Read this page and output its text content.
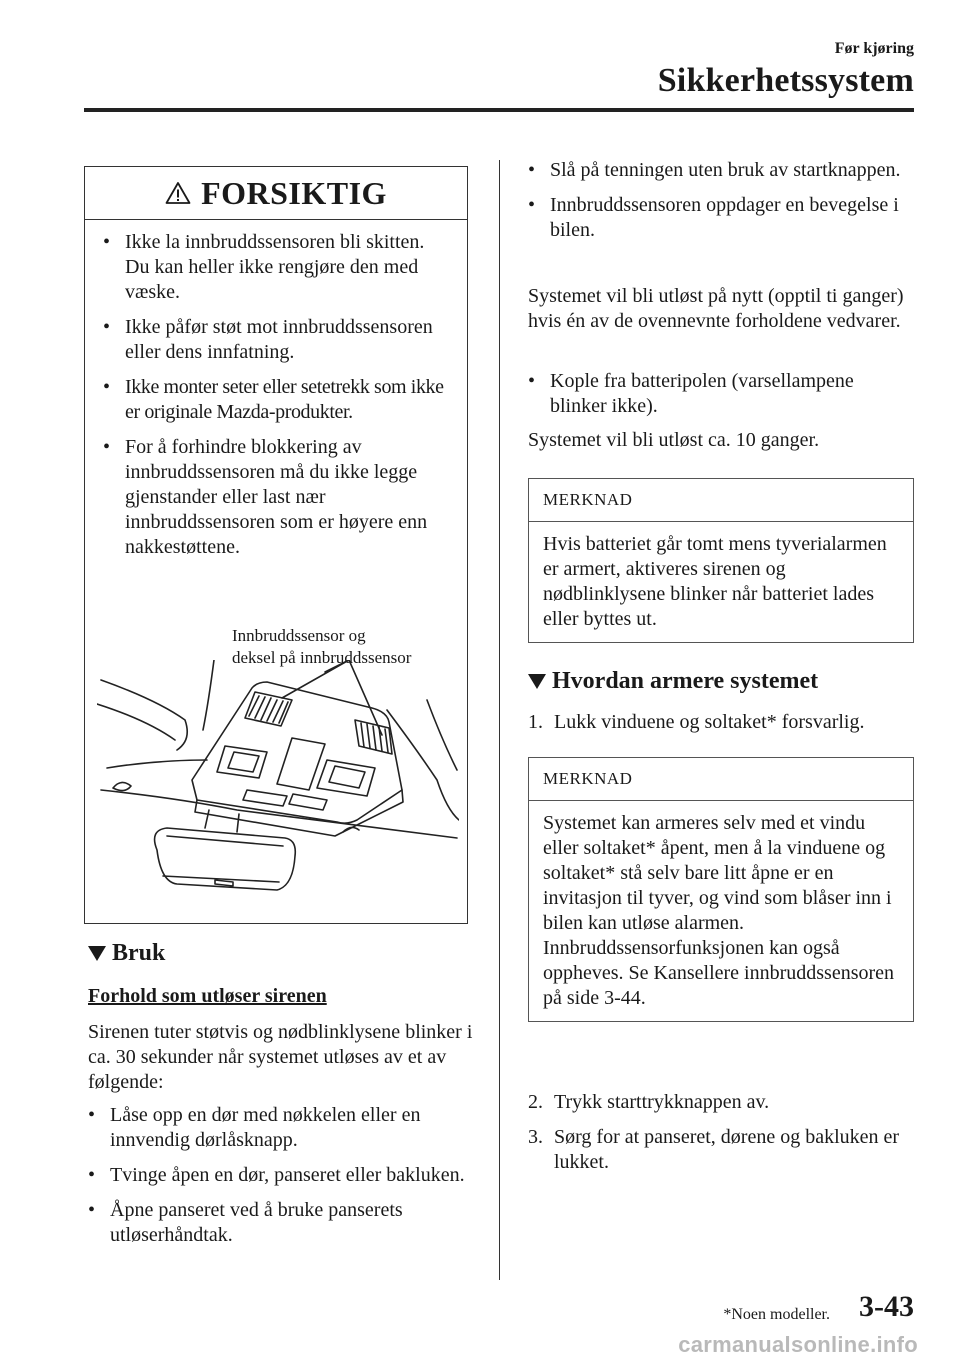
Før kjøring
Sikkerhetssystem
FORSIKTIG
• Ikke la innbruddssensoren bli skitten. Du kan heller ikke rengjøre den med væske.
• Ikke påfør støt mot innbruddssensoren eller dens innfatning.
• Ikke monter seter eller setetrekk som ikke er originale Mazda-produkter.
• For å forhindre blokkering av innbruddssensoren må du ikke legge gjenstander eller last nær innbruddssensoren som er høyere enn nakkestøttene.
Innbruddssensor og
deksel på innbruddssensor
Bruk
Forhold som utløser sirenen
Sirenen tuter støtvis og nødblinklysene blinker i ca. 30 sekunder når systemet utløses av et av følgende:
• Låse opp en dør med nøkkelen eller en innvendig dørlåsknapp.
• Tvinge åpen en dør, panseret eller bakluken.
• Åpne panseret ved å bruke panserets utløserhåndtak.
• Slå på tenningen uten bruk av startknappen.
• Innbruddssensoren oppdager en bevegelse i bilen.
Systemet vil bli utløst på nytt (opptil ti ganger) hvis én av de ovennevnte forholdene vedvarer.
• Kople fra batteripolen (varsellampene blinker ikke).
Systemet vil bli utløst ca. 10 ganger.
MERKNAD
Hvis batteriet går tomt mens tyverialarmen er armert, aktiveres sirenen og nødblinklysene blinker når batteriet lades eller byttes ut.
Hvordan armere systemet
1. Lukk vinduene og soltaket* forsvarlig.
MERKNAD
Systemet kan armeres selv med et vindu eller soltaket* åpent, men å la vinduene og soltaket* stå selv bare litt åpne er en invitasjon til tyver, og vind som blåser inn i bilen kan utløse alarmen. Innbruddssensorfunksjonen kan også oppheves. Se Kansellere innbruddssensoren på side 3-44.
2. Trykk starttrykknappen av.
3. Sørg for at panseret, dørene og bakluken er lukket.
*Noen modeller. 3-43
carmanualsonline.info
